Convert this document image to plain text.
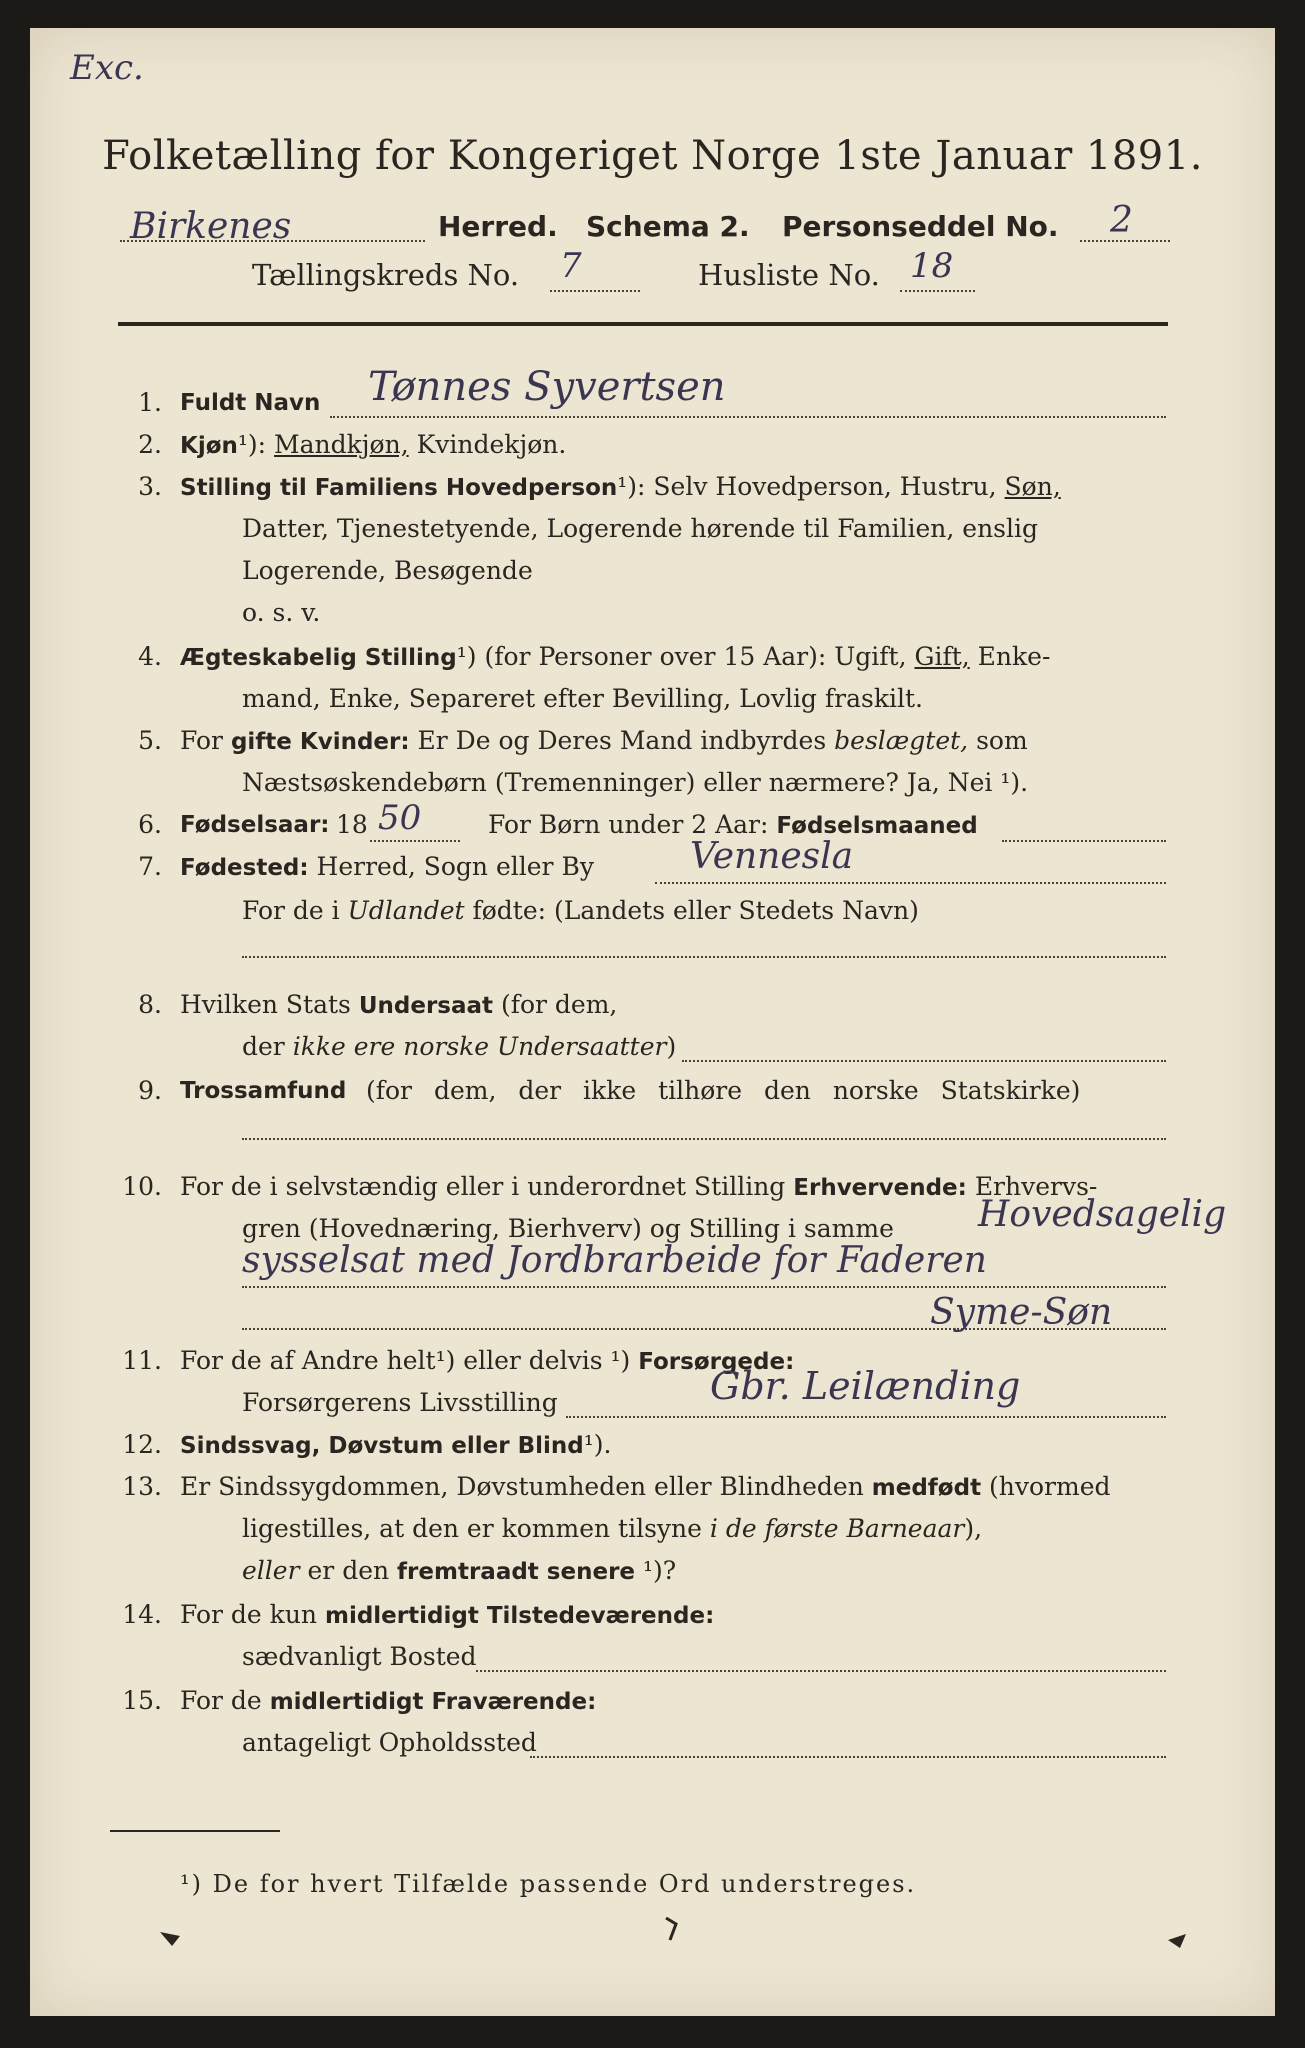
Exc.
Folketælling for Kongeriget Norge 1ste Januar 1891.
Birkenes	Herred. Schema 2. Personseddel No. 2
Tællingskreds No. 7	Husliste No. 18
1. Fuldt Navn Tønnes Syvertsen
2. Kjøn¹): Mandkjøn, Kvindekjøn.
3. Stilling til Familiens Hovedperson¹): Selv Hovedperson, Hustru, Søn,
Datter, Tjenestetyende, Logerende hørende til Familien, enslig
Logerende, Besøgende
o. s. v.
4. Ægteskabelig Stilling¹) (for Personer over 15 Aar): Ugift, Gift, Enke-
mand, Enke, Separeret efter Bevilling, Lovlig fraskilt.
5. For gifte Kvinder: Er De og Deres Mand indbyrdes beslægtet, som
Næstsøskendebørn (Tremenninger) eller nærmere? Ja, Nei ¹).
6. Fødselsaar: 18 50	For Børn under 2 Aar: Fødselsmaaned
7. Fødested: Herred, Sogn eller By	Vennesla
For de i Udlandet fødte: (Landets eller Stedets Navn)
8. Hvilken Stats Undersaat (for dem,
der ikke ere norske Undersaatter)
9. Trossamfund (for dem, der ikke tilhøre den norske Statskirke)
10. For de i selvstændig eller i underordnet Stilling Erhvervende: Erhvervs-
gren (Hovednæring, Bierhverv) og Stilling i samme Hovedsagelig
sysselsat med Jordbrarbeide for Faderen
Syme-Søn
11. For de af Andre helt¹) eller delvis ¹) Forsørgede:
Forsørgerens Livsstilling	Gbr. Leilænding
12. Sindssvag, Døvstum eller Blind¹).
13. Er Sindssygdommen, Døvstumheden eller Blindheden medfødt (hvormed
ligestilles, at den er kommen tilsyne i de første Barneaar),
eller er den fremtraadt senere ¹)?
14. For de kun midlertidigt Tilstedeværende:
sædvanligt Bosted
15. For de midlertidigt Fraværende:
antageligt Opholdssted
¹) De for hvert Tilfælde passende Ord understreges.
